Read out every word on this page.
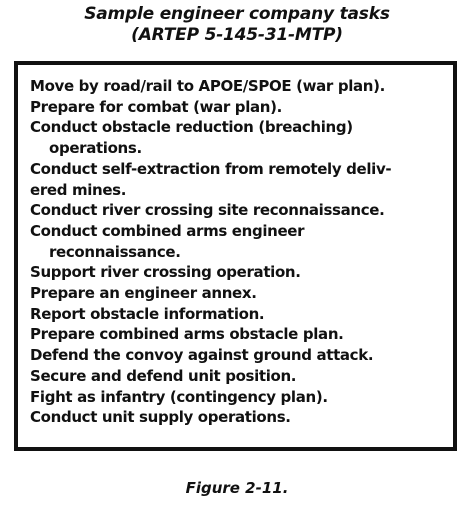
Sample engineer company tasks
(ARTEP 5-145-31-MTP)
Move by road/rail to APOE/SPOE (war plan).
Prepare for combat (war plan).
Conduct obstacle reduction (breaching)
operations.
Conduct self-extraction from remotely deliv-
ered mines.
Conduct river crossing site reconnaissance.
Conduct combined arms engineer
reconnaissance.
Support river crossing operation.
Prepare an engineer annex.
Report obstacle information.
Prepare combined arms obstacle plan.
Defend the convoy against ground attack.
Secure and defend unit position.
Fight as infantry (contingency plan).
Conduct unit supply operations.
Figure 2-11.
